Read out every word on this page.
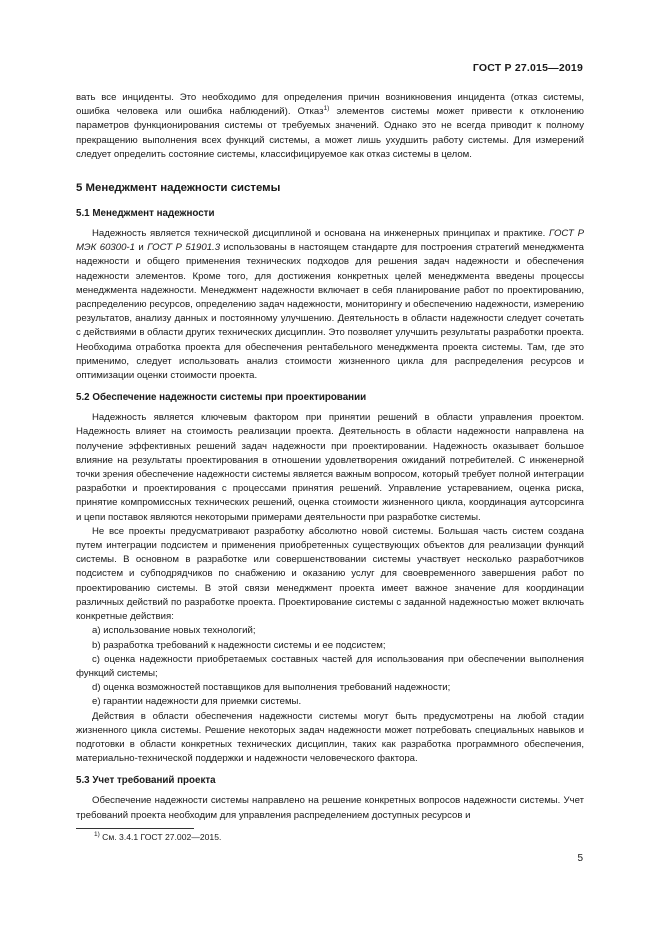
ГОСТ Р 27.015—2019

вать все инциденты. Это необходимо для определения причин возникновения инцидента (отказ системы, ошибка человека или ошибка наблюдений). Отказ$^{1)}$ элементов системы может привести к отклонению параметров функционирования системы от требуемых значений. Однако это не всегда приводит к полному прекращению выполнения всех функций системы, а может лишь ухудшить работу системы. Для измерений следует определить состояние системы, классифицируемое как отказ системы в целом.

5 Менеджмент надежности системы
5.1 Менеджмент надежности

Надежность является технической дисциплиной и основана на инженерных принципах и практике. ГОСТ Р МЭК 60300-1 и ГОСТ Р 51901.3 использованы в настоящем стандарте для построения стратегий менеджмента надежности и общего применения технических подходов для решения задач надежности и обеспечения надежности элементов. Кроме того, для достижения конкретных целей менеджмента введены процессы менеджмента надежности. Менеджмент надежности включает в себя планирование работ по проектированию, распределению ресурсов, определению задач надежности, мониторингу и обеспечению надежности, измерению результатов, анализу данных и постоянному улучшению. Деятельность в области надежности следует сочетать с действиями в области других технических дисциплин. Это позволяет улучшить результаты разработки проекта. Необходима отработка проекта для обеспечения рентабельного менеджмента проекта системы. Там, где это применимо, следует использовать анализ стоимости жизненного цикла для распределения ресурсов и оптимизации оценки стоимости проекта.

5.2 Обеспечение надежности системы при проектировании

Надежность является ключевым фактором при принятии решений в области управления проектом. Надежность влияет на стоимость реализации проекта. Деятельность в области надежности направлена на получение эффективных решений задач надежности при проектировании. Надежность оказывает большое влияние на результаты проектирования в отношении удовлетворения ожиданий потребителей. С инженерной точки зрения обеспечение надежности системы является важным вопросом, который требует полной интеграции разработки и проектирования с процессами принятия решений. Управление устареванием, оценка риска, принятие компромиссных технических решений, оценка стоимости жизненного цикла, координация аутсорсинга и цепи поставок являются некоторыми примерами деятельности при разработке системы.

Не все проекты предусматривают разработку абсолютно новой системы. Большая часть систем создана путем интеграции подсистем и применения приобретенных существующих объектов для реализации функций системы. В основном в разработке или совершенствовании системы участвует несколько разработчиков подсистем и субподрядчиков по снабжению и оказанию услуг для своевременного завершения работ по проектированию системы. В этой связи менеджмент проекта имеет важное значение для координации различных действий по разработке проекта. Проектирование системы с заданной надежностью может включать конкретные действия:

а) использование новых технологий;

b) разработка требований к надежности системы и ее подсистем;

c) оценка надежности приобретаемых составных частей для использования при обеспечении выполнения функций системы;

d) оценка возможностей поставщиков для выполнения требований надежности;

e) гарантии надежности для приемки системы.

Действия в области обеспечения надежности системы могут быть предусмотрены на любой стадии жизненного цикла системы. Решение некоторых задач надежности может потребовать специальных навыков и подготовки в области конкретных технических дисциплин, таких как разработка программного обеспечения, материально-технической поддержки и надежности человеческого фактора.

5.3 Учет требований проекта

Обеспечение надежности системы направлено на решение конкретных вопросов надежности системы. Учет требований проекта необходим для управления распределением доступных ресурсов и

$^{1)}$ См. 3.4.1 ГОСТ 27.002—2015.
5
